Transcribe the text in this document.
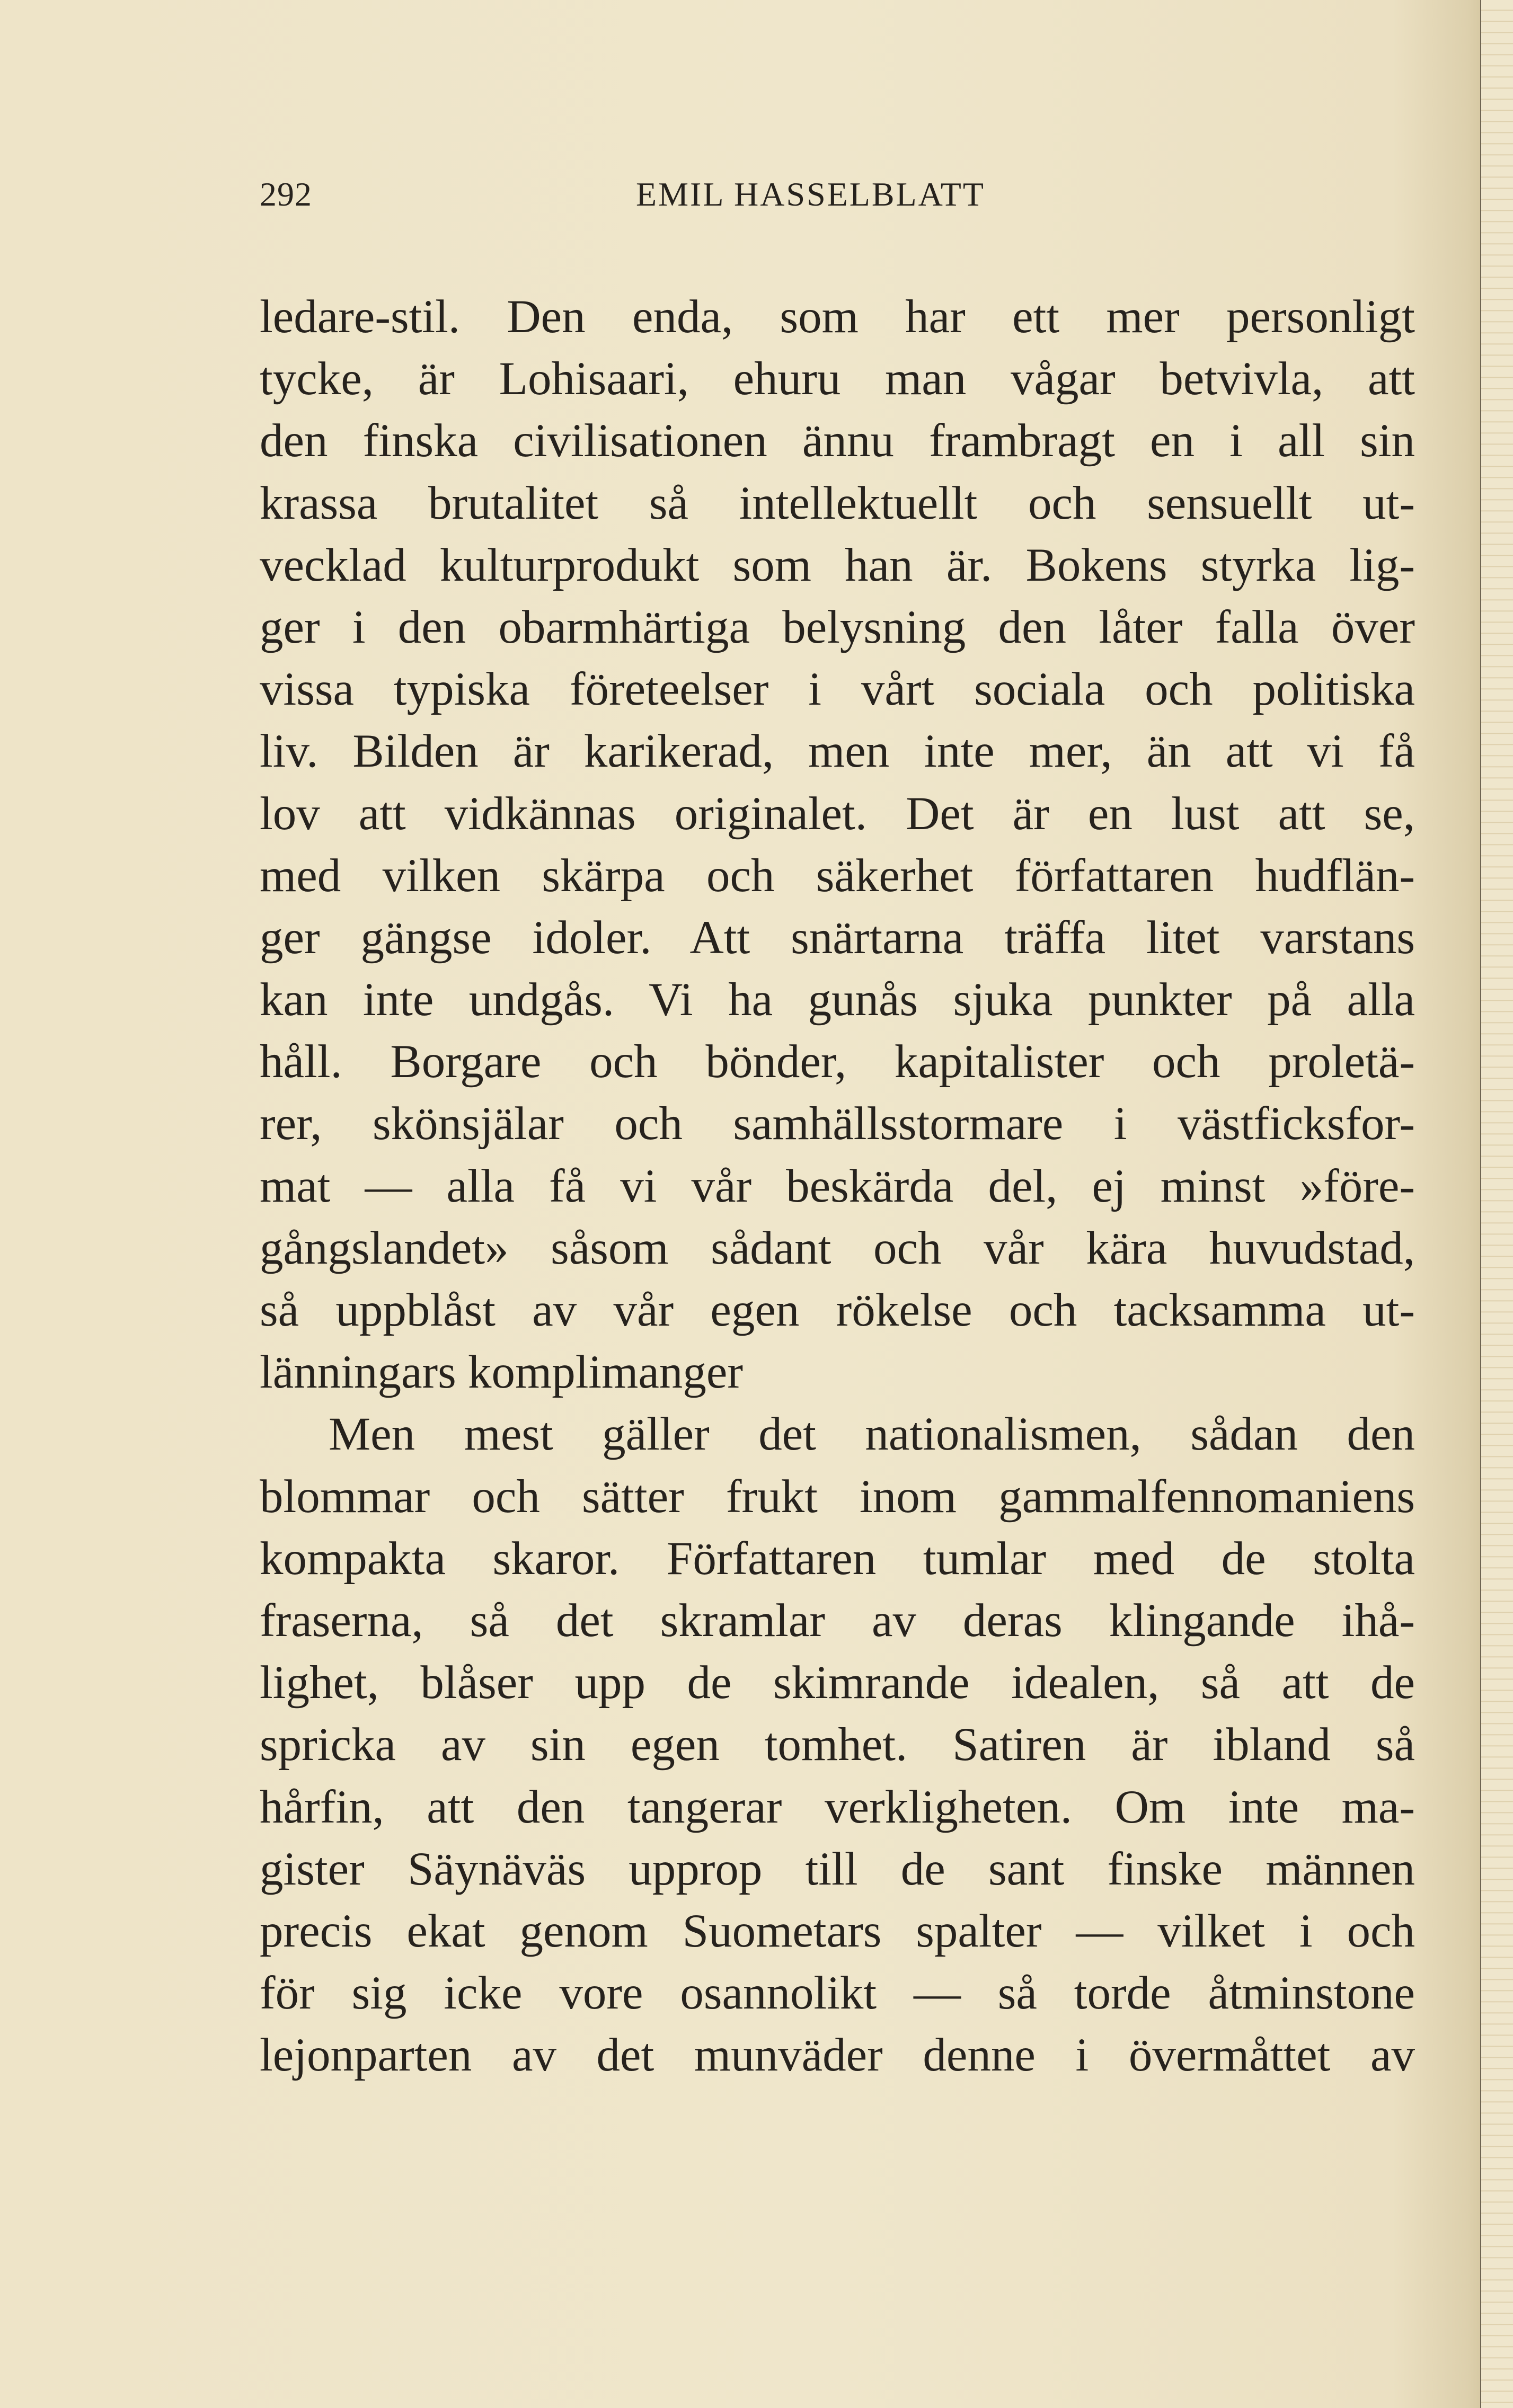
292	EMIL HASSELBLATT
ledare-stil. Den enda, som har ett mer personligt
tycke, är Lohisaari, ehuru man vågar betvivla, att
den finska civilisationen ännu frambragt en i all sin
krassa brutalitet så intellektuellt och sensuellt ut-
vecklad kulturprodukt som han är. Bokens styrka lig-
ger i den obarmhärtiga belysning den låter falla över
vissa typiska företeelser i vårt sociala och politiska
liv. Bilden är karikerad, men inte mer, än att vi få
lov att vidkännas originalet. Det är en lust att se,
med vilken skärpa och säkerhet författaren hudflän-
ger gängse idoler. Att snärtarna träffa litet varstans
kan inte undgås. Vi ha gunås sjuka punkter på alla
håll. Borgare och bönder, kapitalister och proletä-
rer, skönsjälar och samhällsstormare i västficksfor-
mat — alla få vi vår beskärda del, ej minst »före-
gångslandet» såsom sådant och vår kära huvudstad,
så uppblåst av vår egen rökelse och tacksamma ut-
länningars komplimanger
Men mest gäller det nationalismen, sådan den
blommar och sätter frukt inom gammalfennomaniens
kompakta skaror. Författaren tumlar med de stolta
fraserna, så det skramlar av deras klingande ihå-
lighet, blåser upp de skimrande idealen, så att de
spricka av sin egen tomhet. Satiren är ibland så
hårfin, att den tangerar verkligheten. Om inte ma-
gister Säynäväs upprop till de sant finske männen
precis ekat genom Suometars spalter — vilket i och
för sig icke vore osannolikt — så torde åtminstone
lejonparten av det munväder denne i övermåttet av
